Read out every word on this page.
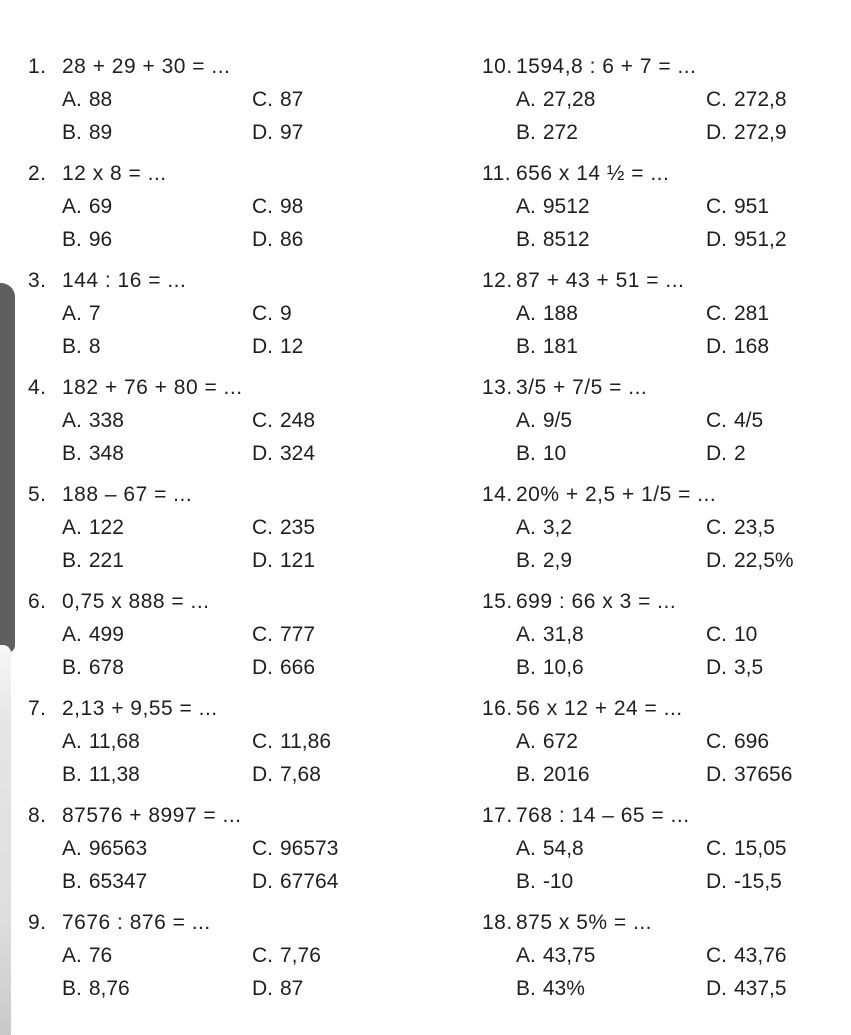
1. 28 + 29 + 30 = ...
A. 88	C. 87
B. 89	D. 97
2. 12 x 8 = ...
A. 69	C. 98
B. 96	D. 86
3. 144 : 16 = ...
A. 7	C. 9
B. 8	D. 12
4. 182 + 76 + 80 = ...
A. 338	C. 248
B. 348	D. 324
5. 188 – 67 = ...
A. 122	C. 235
B. 221	D. 121
6. 0,75 x 888 = ...
A. 499	C. 777
B. 678	D. 666
7. 2,13 + 9,55 = ...
A. 11,68	C. 11,86
B. 11,38	D. 7,68
8. 87576 + 8997 = ...
A. 96563	C. 96573
B. 65347	D. 67764
9. 7676 : 876 = ...
A. 76	C. 7,76
B. 8,76	D. 87
10. 1594,8 : 6 + 7 = ...
A. 27,28	C. 272,8
B. 272	D. 272,9
11. 656 x 14 ½ = ...
A. 9512	C. 951
B. 8512	D. 951,2
12. 87 + 43 + 51 = ...
A. 188	C. 281
B. 181	D. 168
13. 3/5 + 7/5 = ...
A. 9/5	C. 4/5
B. 10	D. 2
14. 20% + 2,5 + 1/5 = ...
A. 3,2	C. 23,5
B. 2,9	D. 22,5%
15. 699 : 66 x 3 = ...
A. 31,8	C. 10
B. 10,6	D. 3,5
16. 56 x 12 + 24 = ...
A. 672	C. 696
B. 2016	D. 37656
17. 768 : 14 – 65 = ...
A. 54,8	C. 15,05
B. -10	D. -15,5
18. 875 x 5% = ...
A. 43,75	C. 43,76
B. 43%	D. 437,5
